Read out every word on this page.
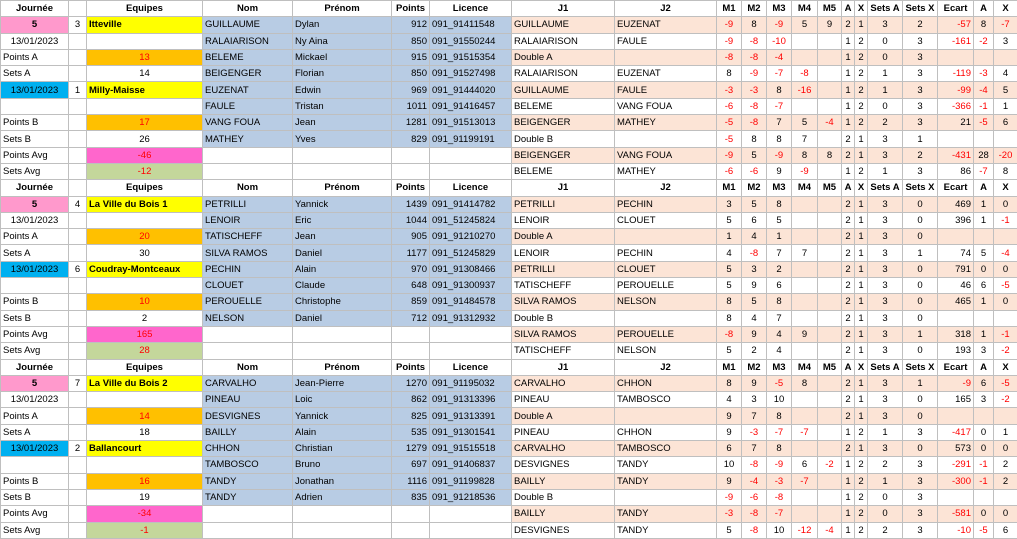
Journée		Equipes	Nom	Prénom	Points	Licence	J1	J2	M1	M2	M3	M4	M5	A	X	Sets A	Sets X	Ecart	A	X
5	3	Itteville	GUILLAUME	Dylan	912	091_91411548	GUILLAUME	EUZENAT	-9	8	-9	5	9	2	1	3	2	-57	8	-7
13/01/2023			RALAIARISON	Ny Aina	850	091_91550244	RALAIARISON	FAULE	-9	-8	-10			1	2	0	3	-161	-2	3
Points A		13	BELEME	Mickael	915	091_91515354	Double A		-8	-8	-4			1	2	0	3			
Sets A		14	BEIGENGER	Florian	850	091_91527498	RALAIARISON	EUZENAT	8	-9	-7	-8		1	2	1	3	-119	-3	4
13/01/2023	1	Milly-Maisse	EUZENAT	Edwin	969	091_91444020	GUILLAUME	FAULE	-3	-3	8	-16		1	2	1	3	-99	-4	5
			FAULE	Tristan	1011	091_91416457	BELEME	VANG FOUA	-6	-8	-7			1	2	0	3	-366	-1	1
Points B		17	VANG FOUA	Jean	1281	091_91513013	BEIGENGER	MATHEY	-5	-8	7	5	-4	1	2	2	3	21	-5	6
Sets B		26	MATHEY	Yves	829	091_91199191	Double B		-5	8	8	7		2	1	3	1			
Points Avg		-46					BEIGENGER	VANG FOUA	-9	5	-9	8	8	2	1	3	2	-431	28	-20
Sets Avg		-12					BELEME	MATHEY	-6	-6	9	-9		1	2	1	3	86	-7	8
Journée		Equipes	Nom	Prénom	Points	Licence	J1	J2	M1	M2	M3	M4	M5	A	X	Sets A	Sets X	Ecart	A	X
5	4	La Ville du Bois 1	PETRILLI	Yannick	1439	091_91414782	PETRILLI	PECHIN	3	5	8			2	1	3	0	469	1	0
13/01/2023			LENOIR	Eric	1044	091_51245824	LENOIR	CLOUET	5	6	5			2	1	3	0	396	1	-1
Points A		20	TATISCHEFF	Jean	905	091_91210270	Double A		1	4	1			2	1	3	0			
Sets A		30	SILVA RAMOS	Daniel	1177	091_51245829	LENOIR	PECHIN	4	-8	7	7		2	1	3	1	74	5	-4
13/01/2023	6	Coudray-Montceaux	PECHIN	Alain	970	091_91308466	PETRILLI	CLOUET	5	3	2			2	1	3	0	791	0	0
			CLOUET	Claude	648	091_91300937	TATISCHEFF	PEROUELLE	5	9	6			2	1	3	0	46	6	-5
Points B		10	PEROUELLE	Christophe	859	091_91484578	SILVA RAMOS	NELSON	8	5	8			2	1	3	0	465	1	0
Sets B		2	NELSON	Daniel	712	091_91312932	Double B		8	4	7			2	1	3	0			
Points Avg		165					SILVA RAMOS	PEROUELLE	-8	9	4	9		2	1	3	1	318	1	-1
Sets Avg		28					TATISCHEFF	NELSON	5	2	4			2	1	3	0	193	3	-2
Journée		Equipes	Nom	Prénom	Points	Licence	J1	J2	M1	M2	M3	M4	M5	A	X	Sets A	Sets X	Ecart	A	X
5	7	La Ville du Bois 2	CARVALHO	Jean-Pierre	1270	091_91195032	CARVALHO	CHHON	8	9	-5	8		2	1	3	1	-9	6	-5
13/01/2023			PINEAU	Loic	862	091_91313396	PINEAU	TAMBOSCO	4	3	10			2	1	3	0	165	3	-2
Points A		14	DESVIGNES	Yannick	825	091_91313391	Double A		9	7	8			2	1	3	0			
Sets A		18	BAILLY	Alain	535	091_91301541	PINEAU	CHHON	9	-3	-7	-7		1	2	1	3	-417	0	1
13/01/2023	2	Ballancourt	CHHON	Christian	1279	091_91515518	CARVALHO	TAMBOSCO	6	7	8			2	1	3	0	573	0	0
			TAMBOSCO	Bruno	697	091_91406837	DESVIGNES	TANDY	10	-8	-9	6	-2	1	2	2	3	-291	-1	2
Points B		16	TANDY	Jonathan	1116	091_91199828	BAILLY	TANDY	9	-4	-3	-7		1	2	1	3	-300	-1	2
Sets B		19	TANDY	Adrien	835	091_91218536	Double B		-9	-6	-8			1	2	0	3			
Points Avg		-34					BAILLY	TANDY	-3	-8	-7			1	2	0	3	-581	0	0
Sets Avg		-1					DESVIGNES	TANDY	5	-8	10	-12	-4	1	2	2	3	-10	-5	6
